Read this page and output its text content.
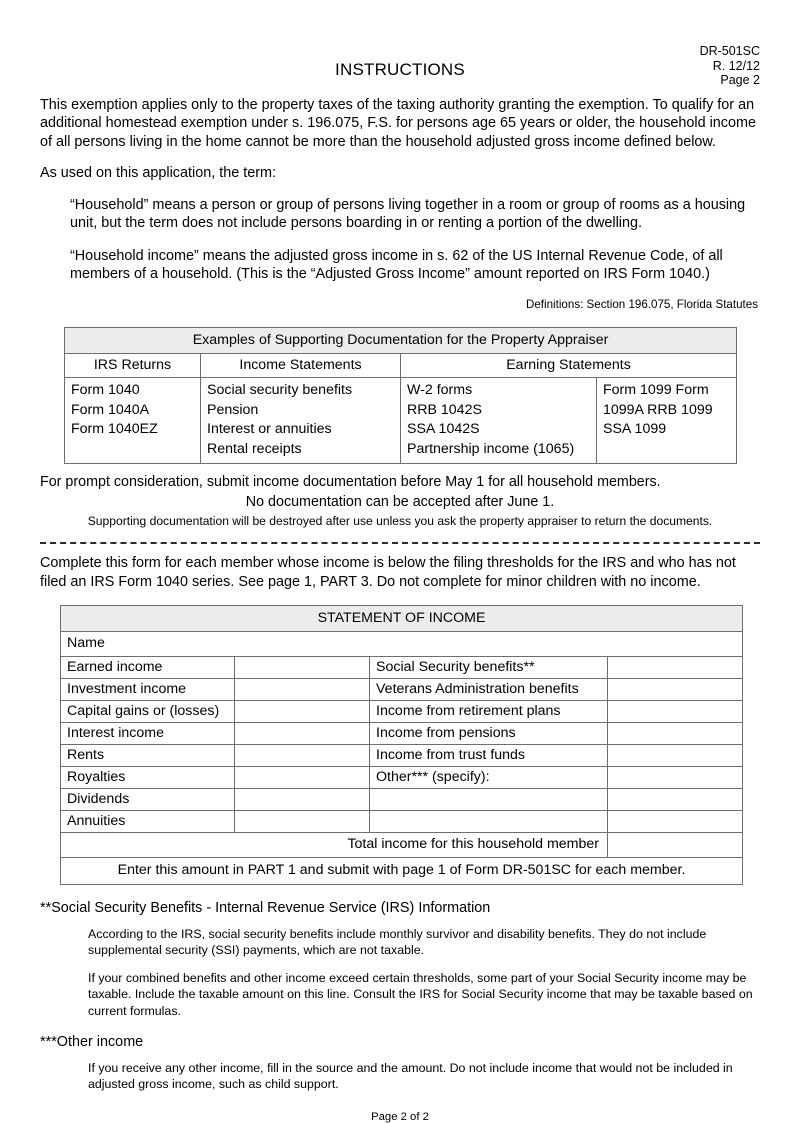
DR-501SC
R. 12/12
Page 2
INSTRUCTIONS

This exemption applies only to the property taxes of the taxing authority granting the exemption. To qualify for an additional homestead exemption under s. 196.075, F.S. for persons age 65 years or older, the household income of all persons living in the home cannot be more than the household adjusted gross income defined below.

As used on this application, the term:

“Household” means a person or group of persons living together in a room or group of rooms as a housing unit, but the term does not include persons boarding in or renting a portion of the dwelling.

“Household income” means the adjusted gross income in s. 62 of the US Internal Revenue Code, of all members of a household. (This is the “Adjusted Gross Income” amount reported on IRS Form 1040.)

Definitions: Section 196.075, Florida Statutes
Examples of Supporting Documentation for the Property Appraiser			
IRS Returns	Income Statements	Earning Statements	

Form 1040
Form 1040A
Form 1040EZ

Social security benefits
Pension
Interest or annuities
Rental receipts

W-2 forms
RRB 1042S
SSA 1042S
Partnership income (1065)

Form 1099 Form
1099A RRB 1099
SSA 1099
For prompt consideration, submit income documentation before May 1 for all household members.
No documentation can be accepted after June 1.
Supporting documentation will be destroyed after use unless you ask the property appraiser to return the documents.

Complete this form for each member whose income is below the filing thresholds for the IRS and who has not filed an IRS Form 1040 series. See page 1, PART 3. Do not complete for minor children with no income.

STATEMENT OF INCOME			
Name			
Earned income		Social Security benefits**	
Investment income		Veterans Administration benefits	
Capital gains or (losses)		Income from retirement plans	
Interest income		Income from pensions	
Rents		Income from trust funds	
Royalties		Other*** (specify):	
Dividends			
Annuities			
Total income for this household member			
Enter this amount in PART 1 and submit with page 1 of Form DR-501SC for each member.			
**Social Security Benefits - Internal Revenue Service (IRS) Information
According to the IRS, social security benefits include monthly survivor and disability benefits. They do not include supplemental security (SSI) payments, which are not taxable.
If your combined benefits and other income exceed certain thresholds, some part of your Social Security income may be taxable. Include the taxable amount on this line. Consult the IRS for Social Security income that may be taxable based on current formulas.
***Other income
If you receive any other income, fill in the source and the amount. Do not include income that would not be included in adjusted gross income, such as child support.
Page 2 of 2
